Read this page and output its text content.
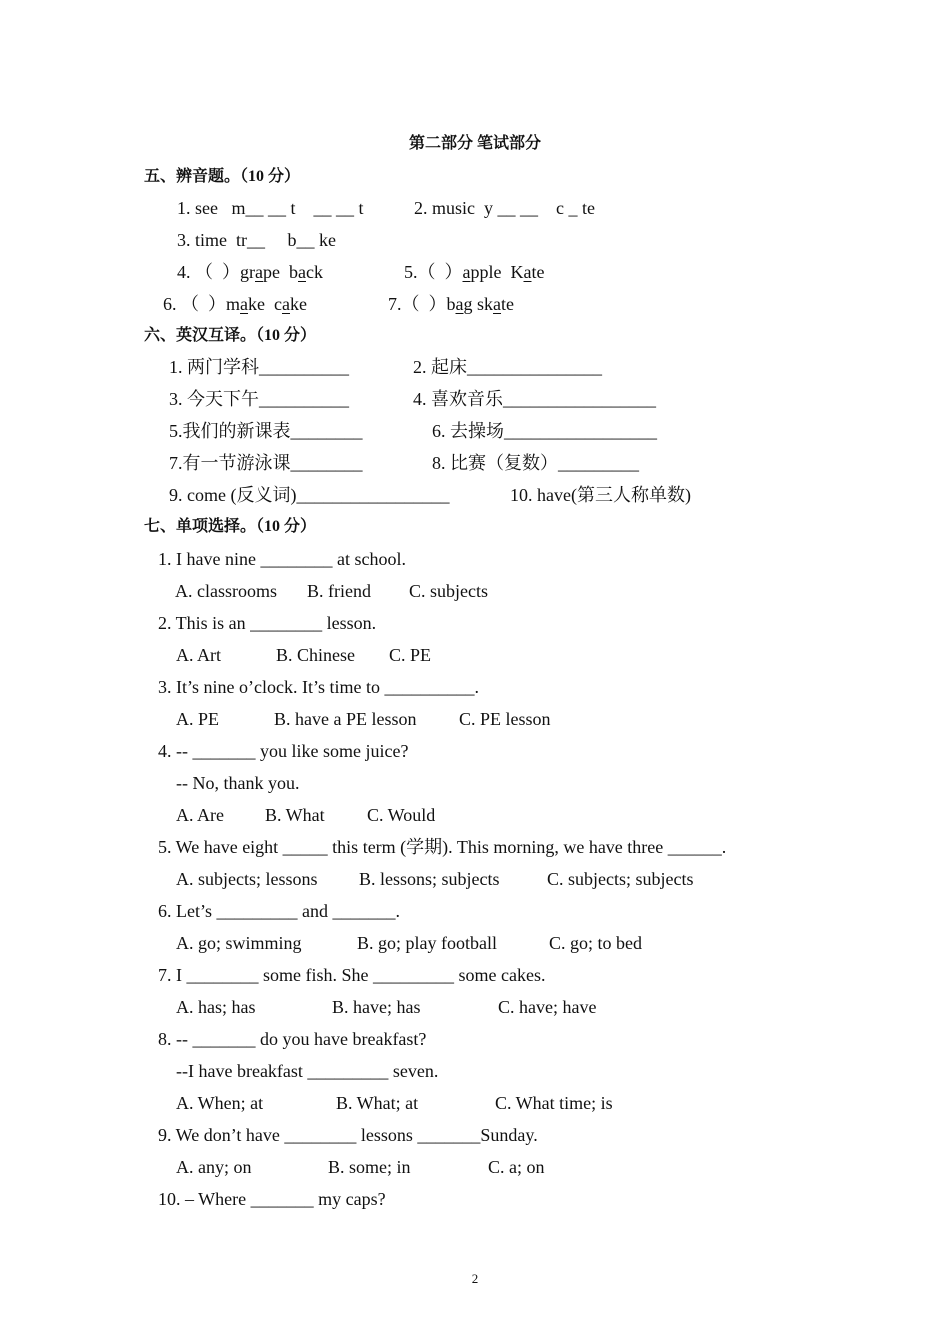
第二部分 笔试部分
五、辨音题。（10 分）
1. see   m__ __ t    __ __ t	2. music  y __ __    c _ te
3. time  tr__     b__ ke
4. （  ）grape  back	5.（  ）apple  Kate
6. （  ）make  cake	7.（  ）bag skate
六、英汉互译。（10 分）
1. 两门学科__________	2. 起床_______________
3. 今天下午__________	4. 喜欢音乐_________________
5.我们的新课表________	6. 去操场_________________
7.有一节游泳课________	8. 比赛（复数）_________
9. come (反义词)_________________	10. have(第三人称单数)
七、单项选择。（10 分）
1. I have nine ________ at school.
A. classrooms B. friend C. subjects
2. This is an ________ lesson.
A. Art	B. Chinese C. PE
3. It’s nine o’clock. It’s time to __________.
A. PE	B. have a PE lesson C. PE lesson
4. -- _______ you like some juice?
-- No, thank you.
A. Are B. What C. Would
5. We have eight _____ this term (学期). This morning, we have three ______.
A. subjects; lessons B. lessons; subjects	C. subjects; subjects
6. Let’s _________ and _______.
A. go; swimming	B. go; play football	C. go; to bed
7. I ________ some fish. She _________ some cakes.
A. has; has	B. have; has	C. have; have
8. -- _______ do you have breakfast?
--I have breakfast _________ seven.
A. When; at	B. What; at	C. What time; is
9. We don’t have ________ lessons _______Sunday.
A. any; on	B. some; in	C. a; on
10. – Where _______ my caps?
2
